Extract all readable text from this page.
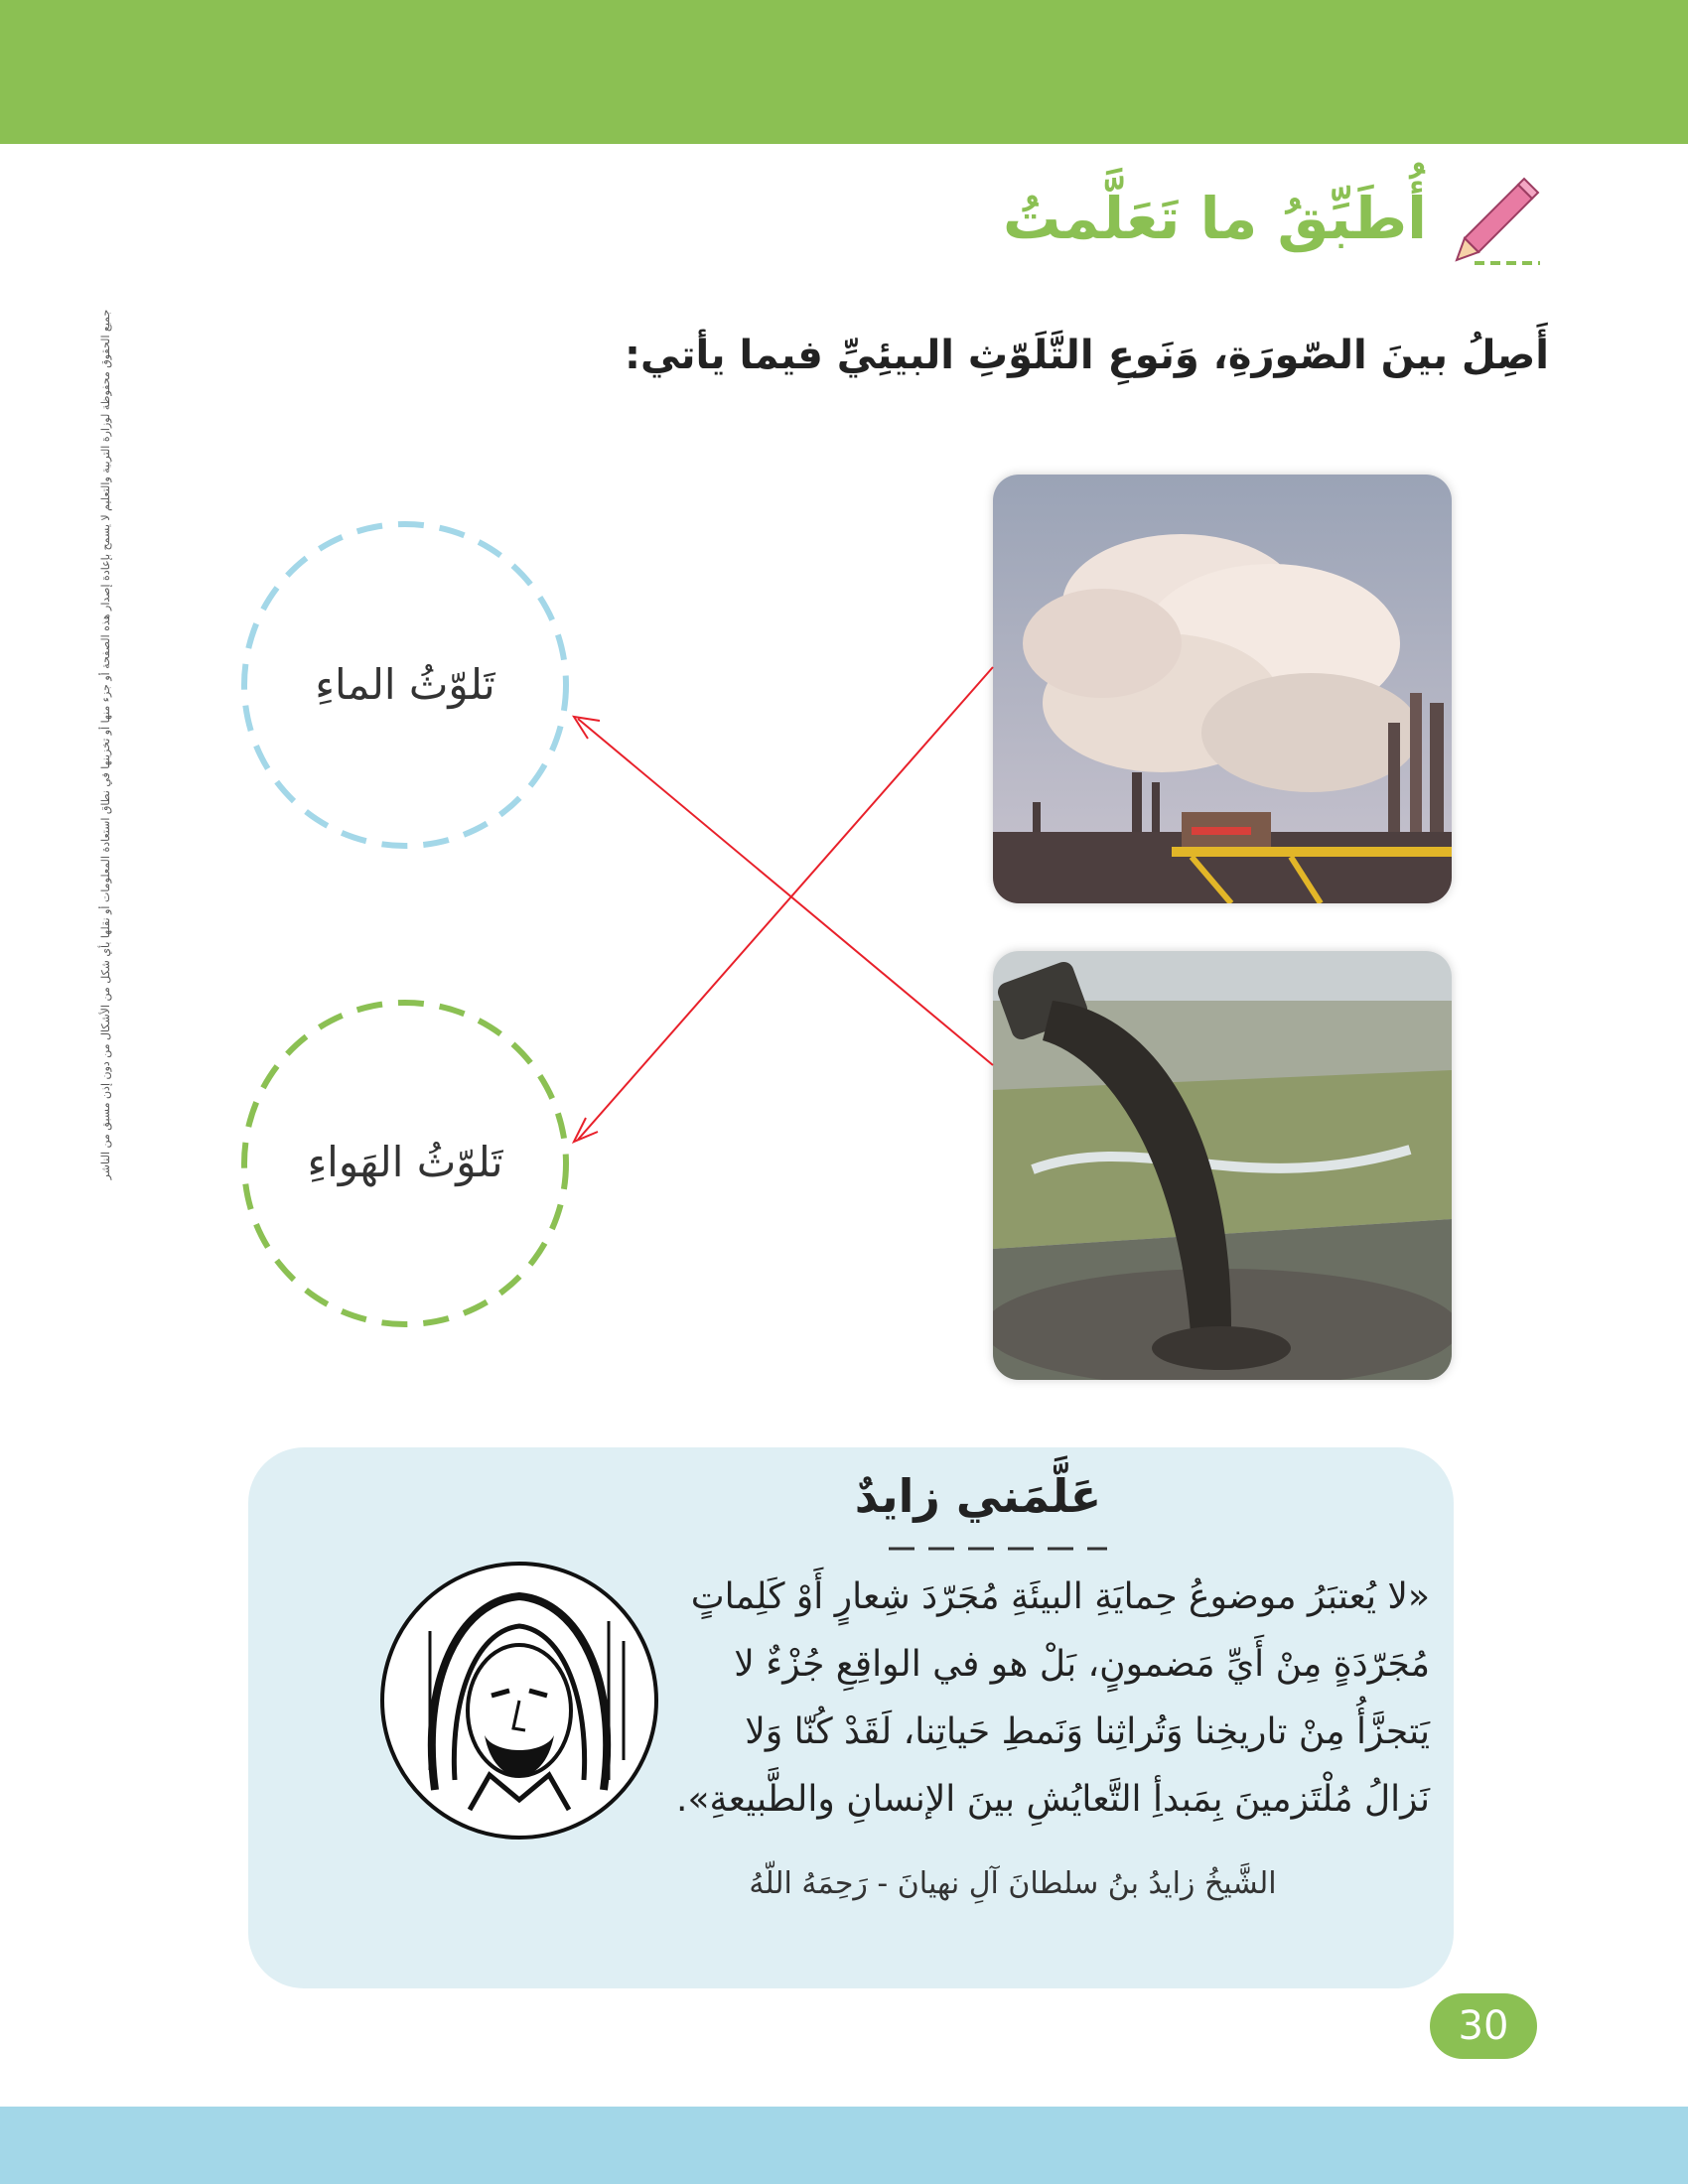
أُطَبِّقُ ما تَعَلَّمتُ
أَصِلُ بينَ الصّورَةِ، وَنَوعِ التَّلَوّثِ البيئِيِّ فيما يأتي:
تَلوّثُ الماءِ
تَلوّثُ الهَواءِ
عَلَّمَني زايدٌ
«لا يُعتبَرُ موضوعُ حِمايَةِ البيئَةِ مُجَرّدَ شِعارٍ أَوْ كَلِماتٍ مُجَرّدَةٍ مِنْ أَيِّ مَضمونٍ، بَلْ هو في الواقِعِ جُزْءٌ لا يَتجزَّأُ مِنْ تاريخِنا وَتُراثِنا وَنَمطِ حَياتِنا، لَقَدْ كُنّا وَلا نَزالُ مُلْتَزمينَ بِمَبدأِ التَّعايُشِ بينَ الإنسانِ والطَّبيعةِ».
الشَّيخُ زايدُ بنُ سلطانَ آلِ نهيانَ - رَحِمَهُ اللّهُ
جميع الحقوق محفوظة لوزارة التربية والتعليم لا يسمح بإعادة إصدار هذه الصفحة أو جزء منها أو تخزينها في نطاق استعادة المعلومات أو نقلها بأي شكل من الأشكال من دون إذن مسبق من الناشر
30
